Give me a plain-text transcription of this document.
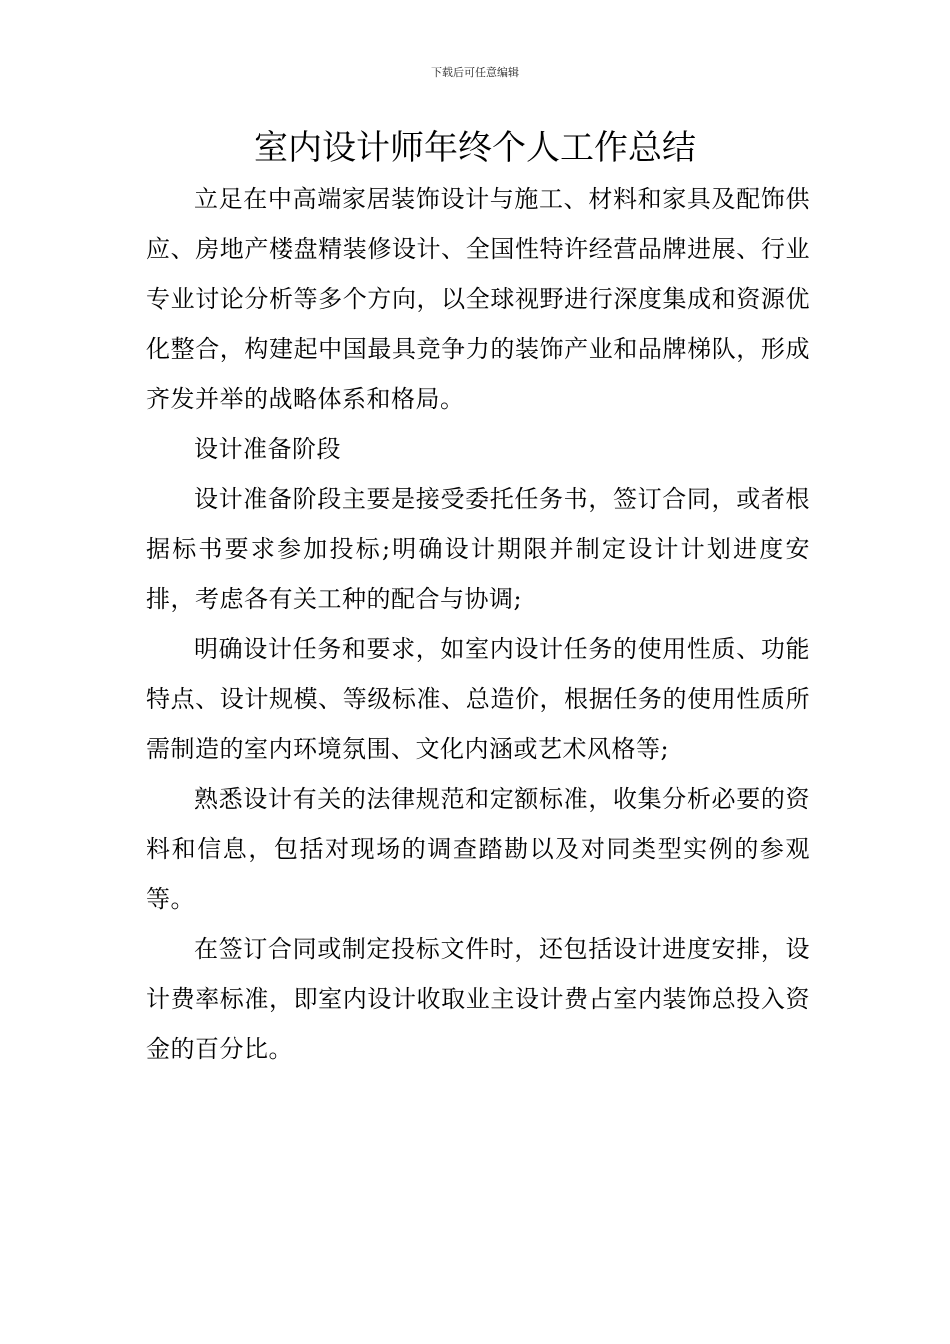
下载后可任意编辑
室内设计师年终个人工作总结

立足在中高端家居装饰设计与施工、材料和家具及配饰供应、房地产楼盘精装修设计、全国性特许经营品牌进展、行业专业讨论分析等多个方向，以全球视野进行深度集成和资源优化整合，构建起中国最具竞争力的装饰产业和品牌梯队，形成齐发并举的战略体系和格局。

设计准备阶段

设计准备阶段主要是接受委托任务书，签订合同，或者根据标书要求参加投标;明确设计期限并制定设计计划进度安排，考虑各有关工种的配合与协调;

明确设计任务和要求，如室内设计任务的使用性质、功能特点、设计规模、等级标准、总造价，根据任务的使用性质所需制造的室内环境氛围、文化内涵或艺术风格等;

熟悉设计有关的法律规范和定额标准，收集分析必要的资料和信息，包括对现场的调查踏勘以及对同类型实例的参观等。

在签订合同或制定投标文件时，还包括设计进度安排，设计费率标准，即室内设计收取业主设计费占室内装饰总投入资金的百分比。
